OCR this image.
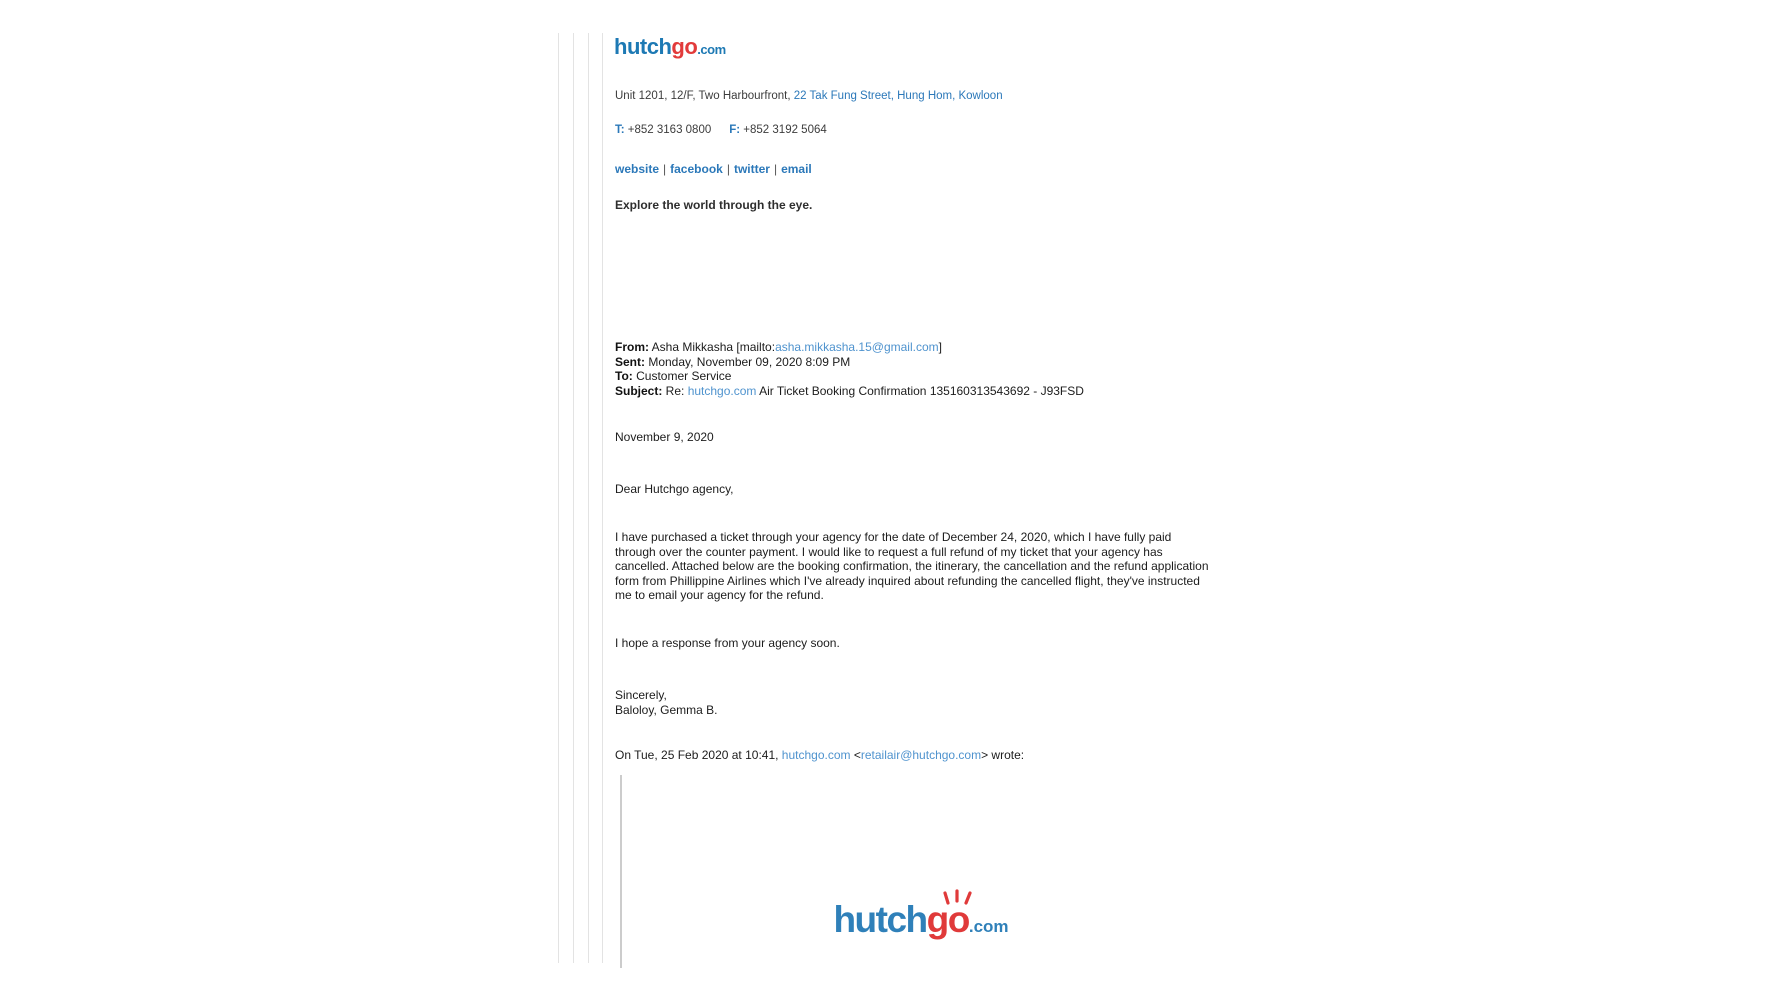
hutchgo.com
Unit 1201, 12/F, Two Harbourfront, 22 Tak Fung Street, Hung Hom, Kowloon
T: +852 3163 0800 F: +852 3192 5064
website | facebook | twitter | email
Explore the world through the eye.
From: Asha Mikkasha [mailto:asha.mikkasha.15@gmail.com]
Sent: Monday, November 09, 2020 8:09 PM
To: Customer Service
Subject: Re: hutchgo.com Air Ticket Booking Confirmation 135160313543692 - J93FSD
November 9, 2020
Dear Hutchgo agency,
I have purchased a ticket through your agency for the date of December 24, 2020, which I have fully paid through over the counter payment. I would like to request a full refund of my ticket that your agency has cancelled. Attached below are the booking confirmation, the itinerary, the cancellation and the refund application form from Phillippine Airlines which I've already inquired about refunding the cancelled flight, they've instructed me to email your agency for the refund.
I hope a response from your agency soon.
Sincerely,
Baloloy, Gemma B.
On Tue, 25 Feb 2020 at 10:41, hutchgo.com <retailair@hutchgo.com> wrote:
hutchgo
.com
